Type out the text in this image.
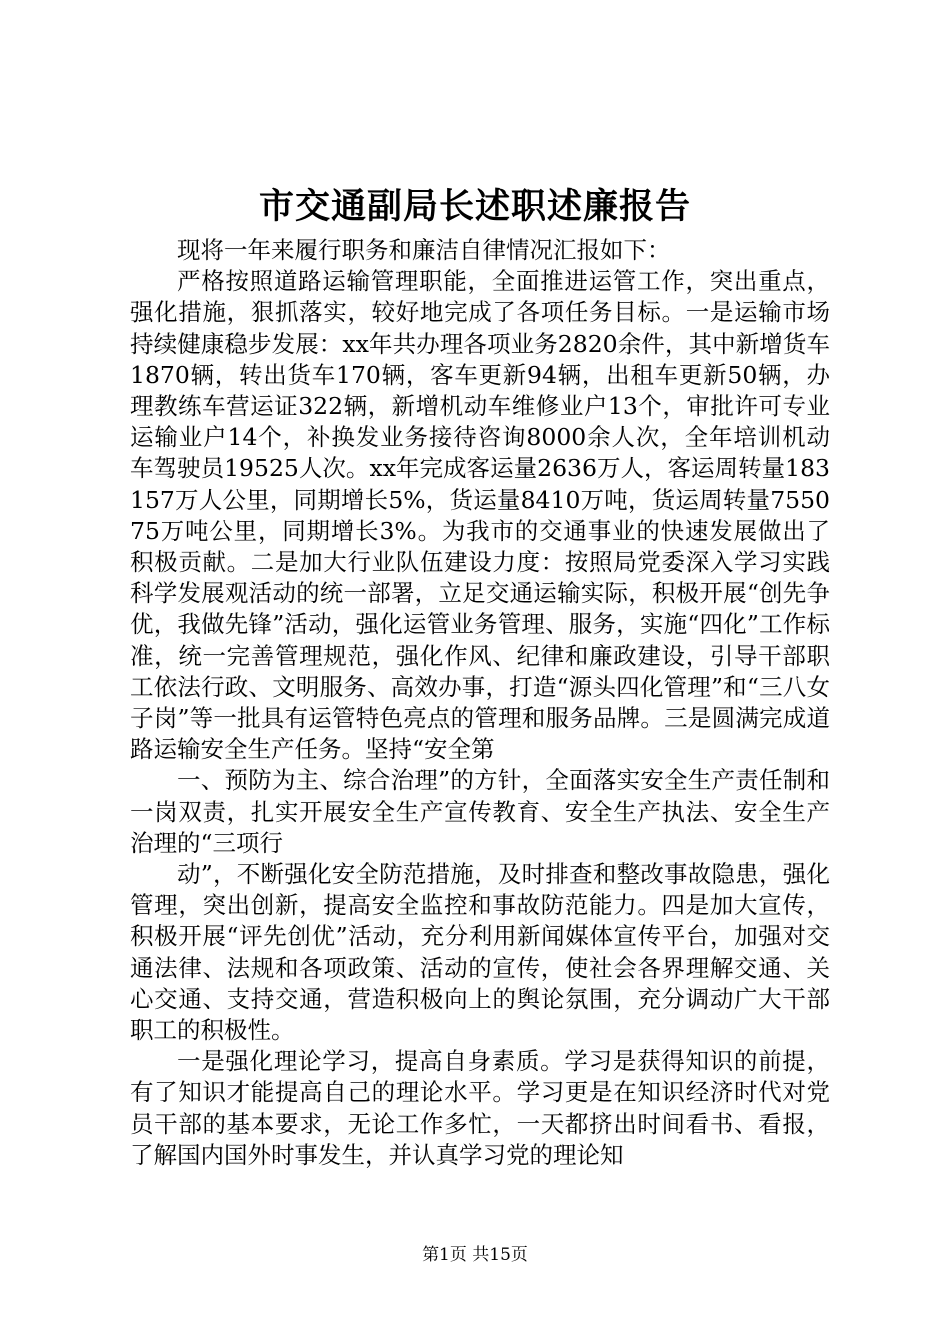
市交通副局长述职述廉报告

现将一年来履行职务和廉洁自律情况汇报如下：

严格按照道路运输管理职能，全面推进运管工作，突出重点，强化措施，狠抓落实，较好地完成了各项任务目标。一是运输市场持续健康稳步发展：xx年共办理各项业务2820余件，其中新增货车1870辆，转出货车170辆，客车更新94辆，出租车更新50辆，办理教练车营运证322辆，新增机动车维修业户13个，审批许可专业运输业户14个，补换发业务接待咨询8000余人次，全年培训机动车驾驶员19525人次。xx年完成客运量2636万人，客运周转量183157万人公里，同期增长5%，货运量8410万吨，货运周转量755075万吨公里，同期增长3%。为我市的交通事业的快速发展做出了积极贡献。二是加大行业队伍建设力度：按照局党委深入学习实践科学发展观活动的统一部署，立足交通运输实际，积极开展“创先争优，我做先锋”活动，强化运管业务管理、服务，实施“四化”工作标准，统一完善管理规范，强化作风、纪律和廉政建设，引导干部职工依法行政、文明服务、高效办事，打造“源头四化管理”和“三八女子岗”等一批具有运管特色亮点的管理和服务品牌。三是圆满完成道路运输安全生产任务。坚持“安全第

一、预防为主、综合治理”的方针，全面落实安全生产责任制和一岗双责，扎实开展安全生产宣传教育、安全生产执法、安全生产治理的“三项行

动”，不断强化安全防范措施，及时排查和整改事故隐患，强化管理，突出创新，提高安全监控和事故防范能力。四是加大宣传，积极开展“评先创优”活动，充分利用新闻媒体宣传平台，加强对交通法律、法规和各项政策、活动的宣传，使社会各界理解交通、关心交通、支持交通，营造积极向上的舆论氛围，充分调动广大干部职工的积极性。

一是强化理论学习，提高自身素质。学习是获得知识的前提，有了知识才能提高自己的理论水平。学习更是在知识经济时代对党员干部的基本要求，无论工作多忙，一天都挤出时间看书、看报，了解国内国外时事发生，并认真学习党的理论知

第1页 共15页
